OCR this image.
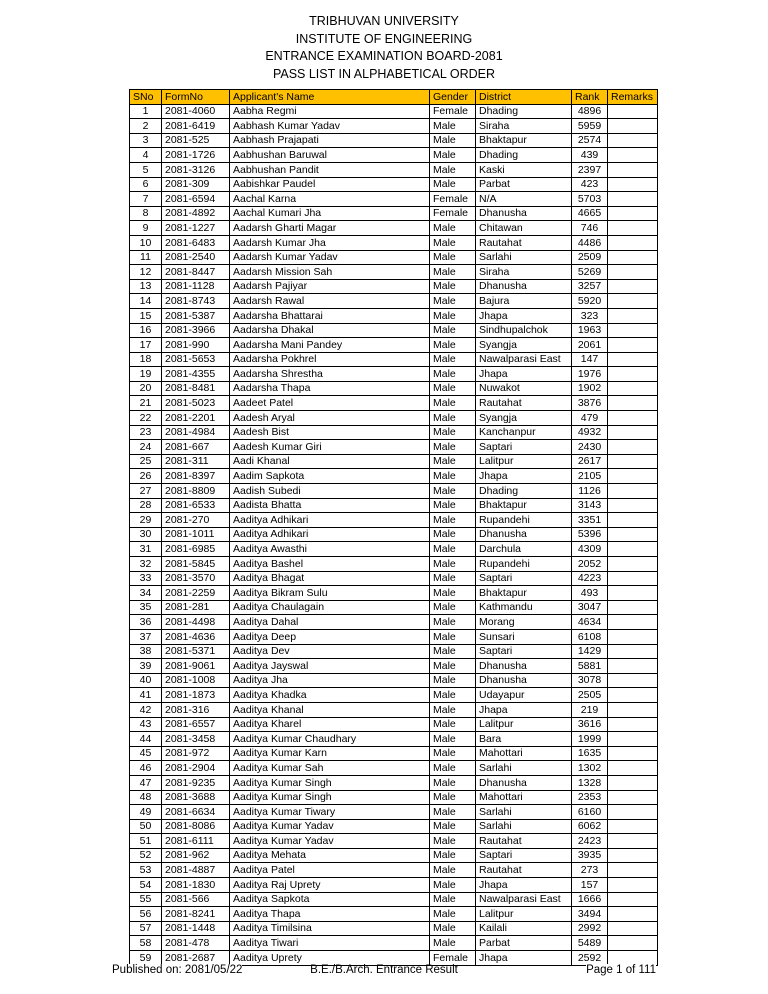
TRIBHUVAN UNIVERSITY
INSTITUTE OF ENGINEERING
ENTRANCE EXAMINATION BOARD-2081
PASS LIST IN ALPHABETICAL ORDER
SNo	FormNo	Applicant's Name	Gender	District	Rank	Remarks
1	2081-4060	Aabha Regmi	Female	Dhading	4896	
2	2081-6419	Aabhash Kumar Yadav	Male	Siraha	5959	
3	2081-525	Aabhash Prajapati	Male	Bhaktapur	2574	
4	2081-1726	Aabhushan Baruwal	Male	Dhading	439	
5	2081-3126	Aabhushan Pandit	Male	Kaski	2397	
6	2081-309	Aabishkar Paudel	Male	Parbat	423	
7	2081-6594	Aachal Karna	Female	N/A	5703	
8	2081-4892	Aachal Kumari Jha	Female	Dhanusha	4665	
9	2081-1227	Aadarsh Gharti Magar	Male	Chitawan	746	
10	2081-6483	Aadarsh Kumar Jha	Male	Rautahat	4486	
11	2081-2540	Aadarsh Kumar Yadav	Male	Sarlahi	2509	
12	2081-8447	Aadarsh Mission Sah	Male	Siraha	5269	
13	2081-1128	Aadarsh Pajiyar	Male	Dhanusha	3257	
14	2081-8743	Aadarsh Rawal	Male	Bajura	5920	
15	2081-5387	Aadarsha Bhattarai	Male	Jhapa	323	
16	2081-3966	Aadarsha Dhakal	Male	Sindhupalchok	1963	
17	2081-990	Aadarsha Mani Pandey	Male	Syangja	2061	
18	2081-5653	Aadarsha Pokhrel	Male	Nawalparasi East	147	
19	2081-4355	Aadarsha Shrestha	Male	Jhapa	1976	
20	2081-8481	Aadarsha Thapa	Male	Nuwakot	1902	
21	2081-5023	Aadeet Patel	Male	Rautahat	3876	
22	2081-2201	Aadesh Aryal	Male	Syangja	479	
23	2081-4984	Aadesh Bist	Male	Kanchanpur	4932	
24	2081-667	Aadesh Kumar Giri	Male	Saptari	2430	
25	2081-311	Aadi Khanal	Male	Lalitpur	2617	
26	2081-8397	Aadim Sapkota	Male	Jhapa	2105	
27	2081-8809	Aadish Subedi	Male	Dhading	1126	
28	2081-6533	Aadista Bhatta	Male	Bhaktapur	3143	
29	2081-270	Aaditya Adhikari	Male	Rupandehi	3351	
30	2081-1011	Aaditya Adhikari	Male	Dhanusha	5396	
31	2081-6985	Aaditya Awasthi	Male	Darchula	4309	
32	2081-5845	Aaditya Bashel	Male	Rupandehi	2052	
33	2081-3570	Aaditya Bhagat	Male	Saptari	4223	
34	2081-2259	Aaditya Bikram Sulu	Male	Bhaktapur	493	
35	2081-281	Aaditya Chaulagain	Male	Kathmandu	3047	
36	2081-4498	Aaditya Dahal	Male	Morang	4634	
37	2081-4636	Aaditya Deep	Male	Sunsari	6108	
38	2081-5371	Aaditya Dev	Male	Saptari	1429	
39	2081-9061	Aaditya Jayswal	Male	Dhanusha	5881	
40	2081-1008	Aaditya Jha	Male	Dhanusha	3078	
41	2081-1873	Aaditya Khadka	Male	Udayapur	2505	
42	2081-316	Aaditya Khanal	Male	Jhapa	219	
43	2081-6557	Aaditya Kharel	Male	Lalitpur	3616	
44	2081-3458	Aaditya Kumar Chaudhary	Male	Bara	1999	
45	2081-972	Aaditya Kumar Karn	Male	Mahottari	1635	
46	2081-2904	Aaditya Kumar Sah	Male	Sarlahi	1302	
47	2081-9235	Aaditya Kumar Singh	Male	Dhanusha	1328	
48	2081-3688	Aaditya Kumar Singh	Male	Mahottari	2353	
49	2081-6634	Aaditya Kumar Tiwary	Male	Sarlahi	6160	
50	2081-8086	Aaditya Kumar Yadav	Male	Sarlahi	6062	
51	2081-6111	Aaditya Kumar Yadav	Male	Rautahat	2423	
52	2081-962	Aaditya Mehata	Male	Saptari	3935	
53	2081-4887	Aaditya Patel	Male	Rautahat	273	
54	2081-1830	Aaditya Raj Uprety	Male	Jhapa	157	
55	2081-566	Aaditya Sapkota	Male	Nawalparasi East	1666	
56	2081-8241	Aaditya Thapa	Male	Lalitpur	3494	
57	2081-1448	Aaditya Timilsina	Male	Kailali	2992	
58	2081-478	Aaditya Tiwari	Male	Parbat	5489	
59	2081-2687	Aaditya Uprety	Female	Jhapa	2592	
B.E./B.Arch. Entrance Result
Published on: 2081/05/22	Page 1 of 111
